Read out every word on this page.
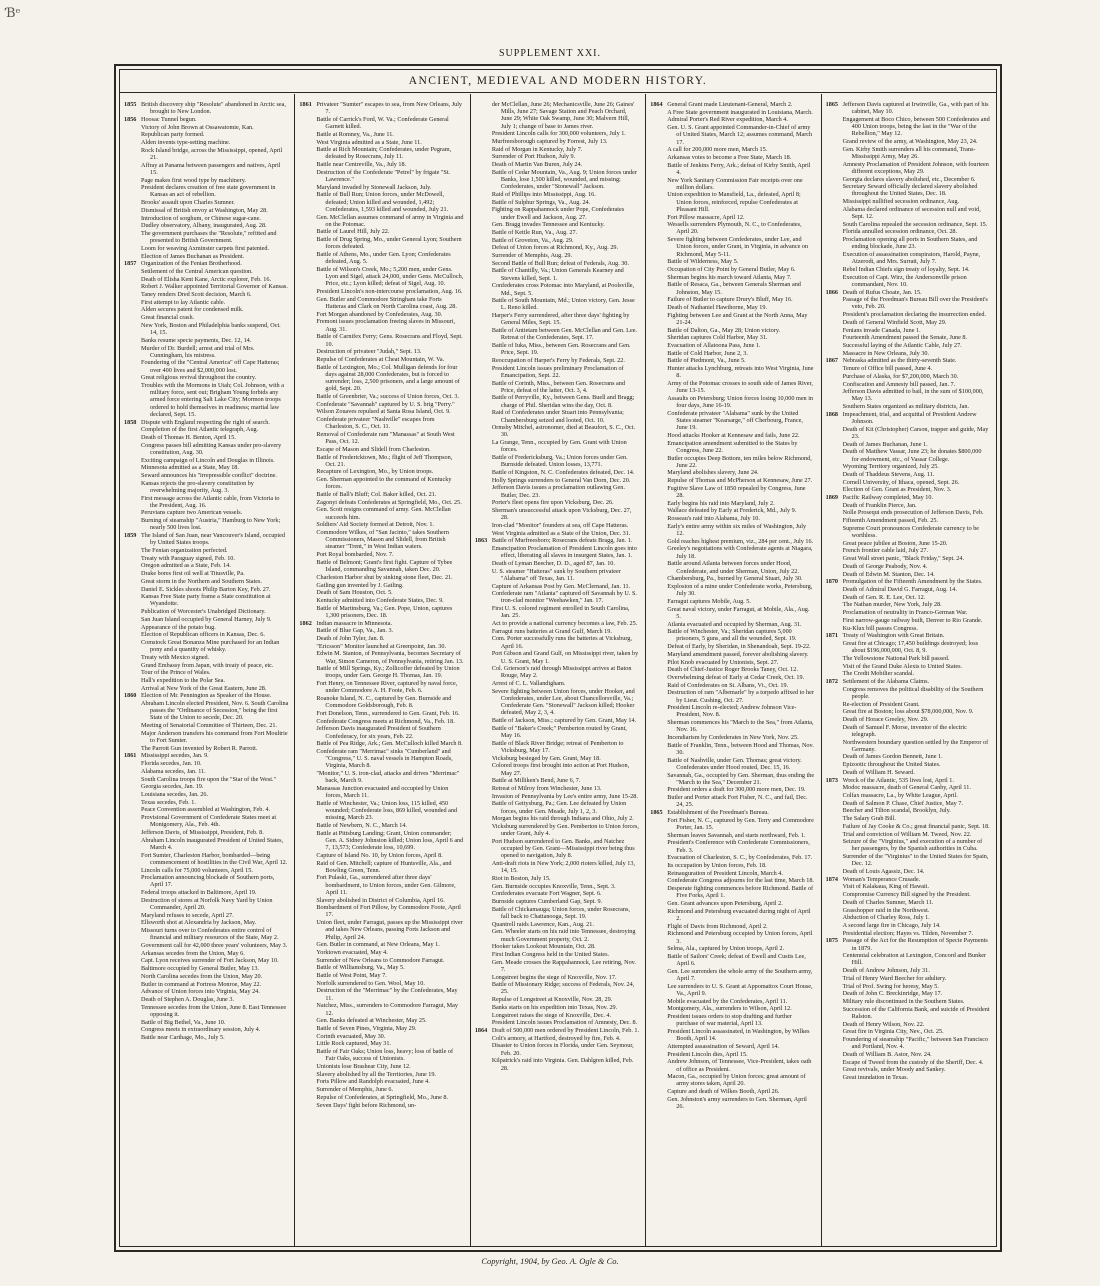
Ɓᵉ
SUPPLEMENT XXI.
ANCIENT, MEDIEVAL AND MODERN HISTORY.
1855 British discovery ship "Resolute" abandoned in Arctic sea, brought to New London.
1856 Hoosac Tunnel begun.
Victory of John Brown at Ossawatomie, Kan.
Republican party formed.
Alden invents type-setting machine.
Rock Island bridge, across the Mississippi, opened, April 21.
Affray at Panama between passengers and natives, April 15.
Page makes first wood type by machinery.
President declares creation of free state government in Kansas an act of rebellion.
Brooks' assault upon Charles Sumner.
Dismissal of British envoy at Washington, May 28.
Introduction of sorghum, or Chinese sugar-cane.
Dudley observatory, Albany, inaugurated, Aug. 28.
The government purchases the "Resolute," refitted and presented to British Government.
Loom for weaving Axminster carpets first patented.
Election of James Buchanan as President.
1857 Organization of the Fenian Brotherhood.
Settlement of the Central American question.
Death of Elisha Kent Kane, Arctic explorer, Feb. 16.
Robert J. Walker appointed Territorial Governor of Kansas.
Taney renders Dred Scott decision, March 6.
First attempt to lay Atlantic cable.
Alden secures patent for condensed milk.
Great financial crash.
New York, Boston and Philadelphia banks suspend, Oct. 14, 15.
Banks resume specie payments, Dec. 12, 14.
Murder of Dr. Burdell; arrest and trial of Mrs. Cunningham, his mistress.
Foundering of the "Central America" off Cape Hatteras; over 400 lives and $2,000,000 lost.
Great religious revival throughout the country.
Troubles with the Mormons in Utah; Col. Johnson, with a military force, sent out; Brigham Young forbids any armed force entering Salt Lake City; Mormon troops ordered to hold themselves in readiness; martial law declared, Sept. 15.
1858 Dispute with England respecting the right of search.
Completion of the first Atlantic telegraph, Aug.
Death of Thomas H. Benton, April 15.
Congress passes bill admitting Kansas under pro-slavery constitution, Aug. 30.
Exciting campaign of Lincoln and Douglas in Illinois.
Minnesota admitted as a State, May 18.
Seward announces his "irrepressible conflict" doctrine.
Kansas rejects the pro-slavery constitution by overwhelming majority, Aug. 3.
First message across the Atlantic cable, from Victoria to the President, Aug. 16.
Peruvians capture two American vessels.
Burning of steamship "Austria," Hamburg to New York; nearly 500 lives lost.
1859 The Island of San Juan, near Vancouver's Island, occupied by United States troops.
The Fenian organization perfected.
Treaty with Paraguay signed, Feb. 10.
Oregon admitted as a State, Feb. 14.
Drake bores first oil well at Titusville, Pa.
Great storm in the Northern and Southern States.
Daniel E. Sickles shoots Philip Barton Key, Feb. 27.
Kansas Free State party frame a State constitution at Wyandotte.
Publication of Worcester's Unabridged Dictionary.
San Juan Island occupied by General Harney, July 9.
Appearance of the potato bug.
Election of Republican officers in Kansas, Dec. 6.
Comstock Great Bonanza Mine purchased for an Indian pony and a quantity of whisky.
Treaty with Mexico signed.
Grand Embassy from Japan, with treaty of peace, etc.
Tour of the Prince of Wales.
Hall's expedition to the Polar Sea.
Arrival at New York of the Great Eastern, June 28.
1860 Election of Mr. Pennington as Speaker of the House.
Abraham Lincoln elected President, Nov. 6. South Carolina passes the "Ordinance of Secession," being the first State of the Union to secede, Dec. 20.
Meeting of Senatorial Committee of Thirteen, Dec. 21.
Major Anderson transfers his command from Fort Moultrie to Fort Sumter.
The Parrott Gun invented by Robert R. Parrott.
1861 Mississippi secedes, Jan. 9.
Florida secedes, Jan. 10.
Alabama secedes, Jan. 11.
South Carolina troops fire upon the "Star of the West."
Georgia secedes, Jan. 19.
Louisiana secedes, Jan. 26.
Texas secedes, Feb. 1.
Peace Convention assembled at Washington, Feb. 4.
Provisional Government of Confederate States meet at Montgomery, Ala., Feb. 4th.
Jefferson Davis, of Mississippi, President, Feb. 8.
Abraham Lincoln inaugurated President of United States, March 4.
Fort Sumter, Charleston Harbor, bombarded—being commencement of hostilities in the Civil War, April 12.
Lincoln calls for 75,000 volunteers, April 15.
Proclamation announcing blockade of Southern ports, April 17.
Federal troops attacked in Baltimore, April 19.
Destruction of stores at Norfolk Navy Yard by Union Commander, April 20.
Maryland refuses to secede, April 27.
Ellsworth shot at Alexandria by Jackson, May.
Missouri turns over to Confederates entire control of financial and military resources of the State, May 2.
Government call for 42,000 three years' volunteers, May 3.
Arkansas secedes from the Union, May 6.
Capt. Lyon receives surrender of Fort Jackson, May 10.
Baltimore occupied by General Butler, May 13.
North Carolina secedes from the Union, May 20.
Butler in command at Fortress Monroe, May 22.
Advance of Union forces into Virginia, May 24.
Death of Stephen A. Douglas, June 3.
Tennessee secedes from the Union, June 8. East Tennessee opposing it.
Battle of Big Bethel, Va., June 10.
Congress meets in extraordinary session, July 4.
Battle near Carthage, Mo., July 5.
1861 Privateer "Sumter" escapes to sea, from New Orleans, July 7.
Battle of Carrick's Ford, W. Va.; Confederate General Garnett killed.
Battle at Romney, Va., June 11.
West Virginia admitted as a State, June 11.
Battle at Rich Mountain; Confederates, under Pegram, defeated by Rosecrans, July 11.
Battle near Centreville, Va., July 18.
Destruction of the Confederate "Petrel" by frigate "St. Lawrence."
Maryland invaded by Stonewall Jackson, July.
Battle of Bull Run; Union forces, under McDowell, defeated; Union killed and wounded, 1,492; Confederates, 1,593 killed and wounded, July 21.
Gen. McClellan assumes command of army in Virginia and on the Potomac.
Battle of Laurel Hill, July 22.
Battle of Drug Spring, Mo., under General Lyon; Southern forces defeated.
Battle of Athens, Mo., under Gen. Lyon; Confederates defeated, Aug. 5.
Battle of Wilson's Creek, Mo.; 5,200 men, under Gens. Lyon and Sigel, attack 24,000, under Gens. McCulloch, Price, etc.; Lyon killed; defeat of Sigel, Aug. 10.
President Lincoln's non-intercourse proclamation, Aug. 16.
Gen. Butler and Commodore Stringham take Forts Hatteras and Clark on North Carolina coast, Aug. 28.
Fort Morgan abandoned by Confederates, Aug. 30.
Fremont issues proclamation freeing slaves in Missouri, Aug. 31.
Battle of Carnifex Ferry; Gens. Rosecrans and Floyd, Sept. 10.
Destruction of privateer "Judah," Sept. 13.
Repulse of Confederates at Cheat Mountain, W. Va.
Battle of Lexington, Mo.; Col. Mulligan defends for four days against 28,000 Confederates, but is forced to surrender; loss, 2,500 prisoners, and a large amount of gold, Sept. 20.
Battle of Greenbrier, Va.; success of Union forces, Oct. 3.
Confederate "Savannah" captured by U. S. brig "Perry."
Wilson Zouaves repulsed at Santa Rosa Island, Oct. 9.
Confederate privateer "Nashville" escapes from Charleston, S. C., Oct. 11.
Removal of Confederate ram "Manassas" at South West Pass, Oct. 12.
Escape of Mason and Slidell from Charleston.
Battle of Fredericktown, Mo.; flight of Jeff Thompson, Oct. 21.
Recapture of Lexington, Mo., by Union troops.
Gen. Sherman appointed to the command of Kentucky forces.
Battle of Ball's Bluff; Col. Baker killed, Oct. 21.
Zagonyi defeats Confederates at Springfield, Mo., Oct. 25.
Gen. Scott resigns command of army. Gen. McClellan succeeds him.
Soldiers' Aid Society formed at Detroit, Nov. 1.
Commodore Wilkes, of "San Jacinto," takes Southern Commissioners, Mason and Slidell, from British steamer "Trent," in West Indian waters.
Port Royal bombarded, Nov. 7.
Battle of Belmont; Grant's first fight. Capture of Tybee Island, commanding Savannah, taken Dec. 20.
Charleston Harbor shut by sinking stone fleet, Dec. 21.
Gatling gun invented by J. Gatling.
Death of Sam Houston, Oct. 5.
Kentucky admitted into Confederate States, Dec. 9.
Battle of Martinsburg, Va.; Gen. Pope, Union, captures 1,300 prisoners, Dec. 18.
1862 Indian massacre in Minnesota.
Battle of Blue Gap, Va., Jan. 3.
Death of John Tyler, Jan. 8.
"Ericsson" Monitor launched at Greenpoint, Jan. 30.
Edwin M. Stanton, of Pennsylvania, becomes Secretary of War, Simon Cameron, of Pennsylvania, retiring Jan. 13.
Battle of Mill Springs, Ky.; Zollicoffer defeated by Union troops, under Gen. George H. Thomas, Jan. 19.
Fort Henry, on Tennessee River, captured by naval force, under Commodore A. H. Foote, Feb. 6.
Roanoke Island, N. C., captured by Gen. Burnside and Commodore Goldsborough, Feb. 8.
Fort Donelson, Tenn., surrendered to Gen. Grant, Feb. 16.
Confederate Congress meets at Richmond, Va., Feb. 18.
Jefferson Davis inaugurated President of Southern Confederacy, for six years, Feb. 22.
Battle of Pea Ridge, Ark.; Gen. McCulloch killed March 8.
Confederate ram "Merrimac" sinks "Cumberland" and "Congress," U. S. naval vessels in Hampton Roads, Virginia, March 8.
"Monitor," U. S. iron-clad, attacks and drives "Merrimac" back, March 9.
Manassas Junction evacuated and occupied by Union forces, March 11.
Battle of Winchester, Va.; Union loss, 115 killed, 450 wounded; Confederate loss, 869 killed, wounded and missing, March 23.
Battle of Newbern, N. C., March 14.
Battle at Pittsburg Landing; Grant, Union commander; Gen. A. Sidney Johnston killed; Union loss, April 6 and 7, 13,573; Confederate loss, 10,699.
Capture of Island No. 10, by Union forces, April 8.
Raid of Gen. Mitchell; capture of Huntsville, Ala., and Bowling Green, Tenn.
Fort Pulaski, Ga., surrendered after three days' bombardment, to Union forces, under Gen. Gilmore, April 11.
Slavery abolished in District of Columbia, April 16.
Bombardment of Fort Pillow, by Commodore Foote, April 17.
Union fleet, under Farragut, passes up the Mississippi river and takes New Orleans, passing Forts Jackson and Philip, April 24.
Gen. Butler in command, at New Orleans, May 1.
Yorktown evacuated, May 4.
Surrender of New Orleans to Commodore Farragut.
Battle of Williamsburg, Va., May 5.
Battle of West Point, May 7.
Norfolk surrendered to Gen. Wool, May 10.
Destruction of the "Merrimac" by the Confederates, May 11.
Natchez, Miss., surrenders to Commodore Farragut, May 12.
Gen. Banks defeated at Winchester, May 25.
Battle of Seven Pines, Virginia, May 29.
Corinth evacuated, May 30.
Little Rock captured, May 31.
Battle of Fair Oaks; Union loss, heavy; loss of battle of Fair Oaks, success of Unionists.
Unionists lose Brashear City, June 12.
Slavery abolished by all the Territories, June 19.
Forts Pillow and Randolph evacuated, June 4.
Surrender of Memphis, June 6.
Repulse of Confederates, at Springfield, Mo., June 8.
Seven Days' fight before Richmond, un-
der McClellan, June 26; Mechanicsville, June 26; Gaines' Mills, June 27; Savage Station and Peach Orchard, June 29; White Oak Swamp, June 30; Malvern Hill, July 1; change of base to James river.
President Lincoln calls for 300,000 volunteers, July 1.
Murfreesborough captured by Forrest, July 13.
Raid of Morgan in Kentucky, July 7.
Surrender of Port Hudson, July 9.
Death of Martin Van Buren, July 24.
Battle of Cedar Mountain, Va., Aug. 9; Union forces under Banks, lose 1,500 killed, wounded, and missing; Confederates, under "Stonewall" Jackson.
Raid of Phillips into Mississippi, Aug. 16.
Battle of Sulphur Springs, Va., Aug. 24.
Fighting on Rappahannock under Pope, Confederates under Ewell and Jackson, Aug. 27.
Gen. Bragg invades Tennessee and Kentucky.
Battle of Kettle Run, Va., Aug. 27.
Battle of Groveton, Va., Aug. 29.
Defeat of Union forces at Richmond, Ky., Aug. 29.
Surrender of Memphis, Aug. 29.
Second Battle of Bull Run; defeat of Federals, Aug. 30.
Battle of Chantilly, Va.; Union Generals Kearney and Stevens killed, Sept. 1.
Confederates cross Potomac into Maryland, at Poolsville, Md., Sept. 5.
Battle of South Mountain, Md.; Union victory, Gen. Jesse L. Reno killed.
Harper's Ferry surrendered, after three days' fighting by General Miles, Sept. 15.
Battle of Antietam between Gen. McClellan and Gen. Lee. Retreat of the Confederates, Sept. 17.
Battle of Iuka, Miss., between Gen. Rosecrans and Gen. Price, Sept. 19.
Reoccupation of Harper's Ferry by Federals, Sept. 22.
President Lincoln issues preliminary Proclamation of Emancipation, Sept. 22.
Battle of Corinth, Miss., between Gen. Rosecrans and Price, defeat of the latter, Oct. 3, 4.
Battle of Perryville, Ky., between Gens. Buell and Bragg; charge of Phil. Sheridan wins the day, Oct. 8.
Raid of Confederates under Stuart into Pennsylvania; Chambersburg seized and looted, Oct. 10.
Ormsby Mitchel, astronomer, died at Beaufort, S. C., Oct. 30.
La Grange, Tenn., occupied by Gen. Grant with Union forces.
Battle of Fredericksburg, Va.; Union forces under Gen. Burnside defeated. Union losses, 13,771.
Battle of Kingston, N. C. Confederates defeated, Dec. 14.
Holly Springs surrenders to General Van Dorn, Dec. 20.
Jefferson Davis issues a proclamation outlawing Gen. Butler, Dec. 23.
Porter's fleet opens fire upon Vicksburg, Dec. 26.
Sherman's unsuccessful attack upon Vicksburg, Dec. 27, 28.
Iron-clad "Monitor" founders at sea, off Cape Hatteras.
West Virginia admitted as a State of the Union, Dec. 31.
1863 Battle of Murfreesboro; Rosecrans defeats Bragg, Jan. 1.
Emancipation Proclamation of President Lincoln goes into effect, liberating all slaves in insurgent States, Jan. 1.
Death of Lyman Beecher, D. D., aged 87, Jan. 10.
U. S. steamer "Hatteras" sunk by Southern privateer "Alabama" off Texas, Jan. 11.
Capture of Arkansas Post by Gen. McClernand, Jan. 11.
Confederate ram "Atlanta" captured off Savannah by U. S. iron-clad monitor "Weehawken," Jan. 17.
First U. S. colored regiment enrolled in South Carolina, Jan. 25.
Act to provide a national currency becomes a law, Feb. 25.
Farragut runs batteries at Grand Gulf, March 19.
Com. Porter successfully runs the batteries at Vicksburg, April 16.
Port Gibson and Grand Gulf, on Mississippi river, taken by U. S. Grant, May 1.
Col. Grierson's raid through Mississippi arrives at Baton Rouge, May 2.
Arrest of C. L. Vallandigham.
Severe fighting between Union forces, under Hooker, and Confederates, under Lee, about Chancellorsville, Va.; Confederate Gen. "Stonewall" Jackson killed; Hooker defeated, May 2, 3, 4.
Battle of Jackson, Miss.; captured by Gen. Grant, May 14.
Battle of "Baker's Creek;" Pemberton routed by Grant, May 16.
Battle of Black River Bridge; retreat of Pemberton to Vicksburg, May 17.
Vicksburg besieged by Gen. Grant, May 18.
Colored troops first brought into action at Port Hudson, May 27.
Battle at Milliken's Bend, June 6, 7.
Retreat of Milroy from Winchester, June 13.
Invasion of Pennsylvania by Lee's entire army, June 15-28.
Battle of Gettysburg, Pa.; Gen. Lee defeated by Union forces, under Gen. Meade, July 1, 2, 3.
Morgan begins his raid through Indiana and Ohio, July 2.
Vicksburg surrendered by Gen. Pemberton to Union forces, under Grant, July 4.
Port Hudson surrendered to Gen. Banks, and Natchez occupied by Gen. Grant—Mississippi river being thus opened to navigation, July 8.
Anti-draft riots in New York; 2,000 rioters killed, July 13, 14, 15.
Riot in Boston, July 15.
Gen. Burnside occupies Knoxville, Tenn., Sept. 3.
Confederates evacuate Fort Wagner, Sept. 6.
Burnside captures Cumberland Gap, Sept. 9.
Battle of Chickamauga; Union forces, under Rosecrans, fall back to Chattanooga, Sept. 19.
Quantrell raids Lawrence, Kan., Aug. 21.
Gen. Wheeler starts on his raid into Tennessee, destroying much Government property, Oct. 2.
Hooker takes Lookout Mountain, Oct. 28.
First Indian Congress held in the United States.
Gen. Meade crosses the Rappahannock, Lee retiring, Nov. 7.
Longstreet begins the siege of Knoxville, Nov. 17.
Battle of Missionary Ridge; success of Federals, Nov. 24, 25.
Repulse of Longstreet at Knoxville, Nov. 28, 29.
Banks starts on his expedition into Texas, Nov. 29.
Longstreet raises the siege of Knoxville, Dec. 4.
President Lincoln issues Proclamation of Amnesty, Dec. 8.
1864 Draft of 500,000 men ordered by President Lincoln, Feb. 1.
Colt's armory, at Hartford, destroyed by fire, Feb. 4.
Disaster to Union forces in Florida, under Gen. Seymour, Feb. 20.
Kilpatrick's raid into Virginia. Gen. Dahlgren killed, Feb. 28.
1864 General Grant made Lieutenant-General, March 2.
A Free State government inaugurated in Louisiana, March.
Admiral Porter's Red River expedition, March 4.
Gen. U. S. Grant appointed Commander-in-Chief of army of United States, March 12; assumes command, March 17.
A call for 200,000 more men, March 15.
Arkansas votes to become a Free State, March 18.
Battle of Jenkins Ferry, Ark.; defeat of Kirby Smith, April 4.
New York Sanitary Commission Fair receipts over one million dollars.
Union expedition to Mansfield, La., defeated, April 8; Union forces, reinforced, repulse Confederates at Pleasant Hill.
Fort Pillow massacre, April 12.
Wessells surrenders Plymouth, N. C., to Confederates, April 20.
Severe fighting between Confederates, under Lee, and Union forces, under Grant, in Virginia, in advance on Richmond, May 5-11.
Battle of Wilderness, May 5.
Occupation of City Point by General Butler, May 6.
Sherman begins his march toward Atlanta, May 7.
Battle of Resaca, Ga., between Generals Sherman and Johnston, May 15.
Failure of Butler to capture Drury's Bluff, May 16.
Death of Nathaniel Hawthorne, May 19.
Fighting between Lee and Grant at the North Anna, May 21-24.
Battle of Dalton, Ga., May 28; Union victory.
Sheridan captures Cold Harbor, May 31.
Evacuation of Allatoona Pass, June 1.
Battle of Cold Harbor, June 2, 3.
Battle of Piedmont, Va., June 5.
Hunter attacks Lynchburg, retreats into West Virginia, June 8.
Army of the Potomac crosses to south side of James River, June 13-15.
Assaults on Petersburg; Union forces losing 10,000 men in four days, June 16-19.
Confederate privateer "Alabama" sunk by the United States steamer "Kearsarge," off Cherbourg, France, June 19.
Hood attacks Hooker at Kennesaw and fails, June 22.
Emancipation amendment submitted to the States by Congress, June 22.
Butler occupies Deep Bottom, ten miles below Richmond, June 22.
Maryland abolishes slavery, June 24.
Repulse of Thomas and McPherson at Kennesaw, June 27.
Fugitive Slave Law of 1850 repealed by Congress, June 28.
Early begins his raid into Maryland, July 2.
Wallace defeated by Early at Frederick, Md., July 9.
Rosseau's raid into Alabama, July 10.
Early's entire army within six miles of Washington, July 12.
Gold reaches highest premium, viz., 284 per cent., July 16.
Greeley's negotiations with Confederate agents at Niagara, July 18.
Battle around Atlanta between forces under Hood, Confederate, and under Sherman, Union, July 22.
Chambersburg, Pa., burned by General Stuart, July 30.
Explosion of a mine under Confederate works, Petersburg, July 30.
Farragut captures Mobile, Aug. 5.
Great naval victory, under Farragut, at Mobile, Ala., Aug. 5.
Atlanta evacuated and occupied by Sherman, Aug. 31.
Battle of Winchester, Va.; Sheridan captures 5,000 prisoners, 5 guns, and all the wounded, Sept. 19.
Defeat of Early, by Sheridan, in Shenandoah, Sept. 19-22.
Maryland amendment passed, forever abolishing slavery.
Pilot Knob evacuated by Unionists, Sept. 27.
Death of Chief-Justice Roger Brooks Taney, Oct. 12.
Overwhelming defeat of Early at Cedar Creek, Oct. 19.
Raid of Confederates on St. Albans, Vt., Oct. 19.
Destruction of ram "Albemarle" by a torpedo affixed to her by Lieut. Cushing, Oct. 27.
President Lincoln re-elected; Andrew Johnson Vice-President, Nov. 8.
Sherman commences his "March to the Sea," from Atlanta, Nov. 16.
Incendiarism by Confederates in New York, Nov. 25.
Battle of Franklin, Tenn., between Hood and Thomas, Nov. 30.
Battle of Nashville, under Gen. Thomas; great victory. Confederates under Hood routed, Dec. 15, 16.
Savannah, Ga., occupied by Gen. Sherman, thus ending the "March to the Sea," December 21.
President orders a draft for 300,000 more men, Dec. 19.
Butler and Porter attack Fort Fisher, N. C., and fail, Dec. 24, 25.
1865 Establishment of the Freedman's Bureau.
Fort Fisher, N. C., captured by Gen. Terry and Commodore Porter, Jan. 15.
Sherman leaves Savannah, and starts northward, Feb. 1.
President's Conference with Confederate Commissioners, Feb. 3.
Evacuation of Charleston, S. C., by Confederates, Feb. 17.
Its occupation by Union forces, Feb. 18.
Reinauguration of President Lincoln, March 4.
Confederate Congress adjourns for the last time, March 18.
Desperate fighting commences before Richmond. Battle of Five Forks, April 1.
Gen. Grant advances upon Petersburg, April 2.
Richmond and Petersburg evacuated during night of April 2.
Flight of Davis from Richmond, April 2.
Richmond and Petersburg occupied by Union forces, April 3.
Selma, Ala., captured by Union troops, April 2.
Battle of Sailors' Creek; defeat of Ewell and Custis Lee, April 6.
Gen. Lee surrenders the whole army of the Southern army, April 7.
Lee surrenders to U. S. Grant at Appomattox Court House, Va., April 9.
Mobile evacuated by the Confederates, April 11.
Montgomery, Ala., surrenders to Wilson, April 12.
President issues orders to stop drafting and further purchase of war material, April 13.
President Lincoln assassinated, in Washington, by Wilkes Booth, April 14.
Attempted assassination of Seward, April 14.
President Lincoln dies, April 15.
Andrew Johnson, of Tennessee, Vice-President, takes oath of office as President.
Macon, Ga., occupied by Union forces; great amount of army stores taken, April 20.
Capture and death of Wilkes Booth, April 26.
Gen. Johnston's army surrenders to Gen. Sherman, April 26.
1865 Jefferson Davis captured at Irwinville, Ga., with part of his cabinet, May 10.
Engagement at Boco Chico, between 500 Confederates and 400 Union troops, being the last in the "War of the Rebellion," May 12.
Grand review of the army, at Washington, May 23, 24.
Gen. Kirby Smith surrenders all his command, Trans-Mississippi Army, May 26.
Amnesty Proclamation of President Johnson, with fourteen different exceptions, May 29.
Georgia declares slavery abolished, etc., December 6.
Secretary Seward officially declared slavery abolished throughout the United States, Dec. 18.
Mississippi nullified secession ordinance, Aug.
Alabama declared ordinance of secession null and void, Sept. 12.
South Carolina repealed the secession ordinance, Sept. 15.
Florida annulled secession ordinance, Oct. 28.
Proclamation opening all ports in Southern States, and ending blockade, June 23.
Execution of assassination conspirators, Harold, Payne, Atzerodt, and Mrs. Surratt, July 7.
Rebel Indian Chiefs sign treaty of loyalty, Sept. 14.
Execution of Capt. Wirz, the Andersonville prison commandant, Nov. 10.
1866 Death of Rufus Choate, Jan. 15.
Passage of the Freedman's Bureau Bill over the President's veto, Feb. 20.
President's proclamation declaring the insurrection ended.
Death of General Winfield Scott, May 29.
Fenians invade Canada, June 1.
Fourteenth Amendment passed the Senate, June 8.
Successful laying of the Atlantic Cable, July 27.
Massacre in New Orleans, July 30.
1867 Nebraska admitted as the thirty-seventh State.
Tenure of Office bill passed, June 4.
Purchase of Alaska, for $7,200,000, March 30.
Confiscation and Amnesty bill passed, Jan. 7.
Jefferson Davis admitted to bail, in the sum of $100,000, May 13.
Southern States organized as military districts, Jan.
1868 Impeachment, trial, and acquittal of President Andrew Johnson.
Death of Kit (Christopher) Carson, trapper and guide, May 23.
Death of James Buchanan, June 1.
Death of Matthew Vassar, June 23; he donates $800,000 for endowment, etc., of Vassar College.
Wyoming Territory organized, July 25.
Death of Thaddeus Stevens, Aug. 11.
Cornell University, of Ithaca, opened, Sept. 26.
Election of Gen. Grant as President, Nov. 3.
1869 Pacific Railway completed, May 10.
Death of Franklin Pierce, Jan.
Nolle Prosequi ends prosecution of Jefferson Davis, Feb.
Fifteenth Amendment passed, Feb. 25.
Supreme Court pronounces Confederate currency to be worthless.
Great peace jubilee at Boston, June 15-20.
French frontier cable laid, July 27.
Great Wall street panic, "Black Friday," Sept. 24.
Death of George Peabody, Nov. 4.
Death of Edwin M. Stanton, Dec. 14.
1870 Promulgation of the Fifteenth Amendment by the States.
Death of Admiral David G. Farragut, Aug. 14.
Death of Gen. R. E. Lee, Oct. 12.
The Nathan murder, New York, July 28.
Proclamation of neutrality in Franco-German War.
First narrow-gauge railway built, Denver to Rio Grande.
Ku-Klux bill passes Congress.
1871 Treaty of Washington with Great Britain.
Great fire at Chicago; 17,450 buildings destroyed; loss about $196,000,000, Oct. 8, 9.
The Yellowstone National Park bill passed.
Visit of the Grand Duke Alexis to United States.
The Credit Mobilier scandal.
1872 Settlement of the Alabama Claims.
Congress removes the political disability of the Southern people.
Re-election of President Grant.
Great fire at Boston; loss about $78,000,000, Nov. 9.
Death of Horace Greeley, Nov. 29.
Death of Samuel F. Morse, inventor of the electric telegraph.
Northwestern boundary question settled by the Emperor of Germany.
Death of James Gordon Bennett, June 1.
Epizootic throughout the United States.
Death of William H. Seward.
1873 Wreck of the Atlantic, 535 lives lost, April 1.
Modoc massacre, death of General Canby, April 11.
Colfax massacre, La., by White League, April.
Death of Salmon P. Chase, Chief Justice, May 7.
Beecher and Tilton scandal, Brooklyn, July.
The Salary Grab Bill.
Failure of Jay Cooke & Co.; great financial panic, Sept. 18.
Trial and conviction of William M. Tweed, Nov. 22.
Seizure of the "Virginius," and execution of a number of her passengers, by the Spanish authorities in Cuba.
Surrender of the "Virginius" to the United States for Spain, Dec. 12.
Death of Louis Agassiz, Dec. 14.
1874 Woman's Temperance Crusade.
Visit of Kalakaua, King of Hawaii.
Compromise Currency Bill signed by the President.
Death of Charles Sumner, March 11.
Grasshopper raid in the Northwest.
Abduction of Charley Ross, July 1.
A second large fire in Chicago, July 14.
Presidential election; Hayes vs. Tilden, November 7.
1875 Passage of the Act for the Resumption of Specie Payments in 1879.
Centennial celebration at Lexington, Concord and Bunker Hill.
Death of Andrew Johnson, July 31.
Trial of Henry Ward Beecher for adultery.
Trial of Prof. Swing for heresy, May 5.
Death of John C. Breckinridge, May 17.
Military rule discontinued in the Southern States.
Succession of the California Bank, and suicide of President Ralston.
Death of Henry Wilson, Nov. 22.
Great fire in Virginia City, Nev., Oct. 25.
Foundering of steamship "Pacific," between San Francisco and Portland, Nov. 4.
Death of William B. Astor, Nov. 24.
Escape of Tweed from the custody of the Sheriff, Dec. 4.
Great revivals, under Moody and Sankey.
Great inundation in Texas.
Copyright, 1904, by Geo. A. Ogle & Co.
